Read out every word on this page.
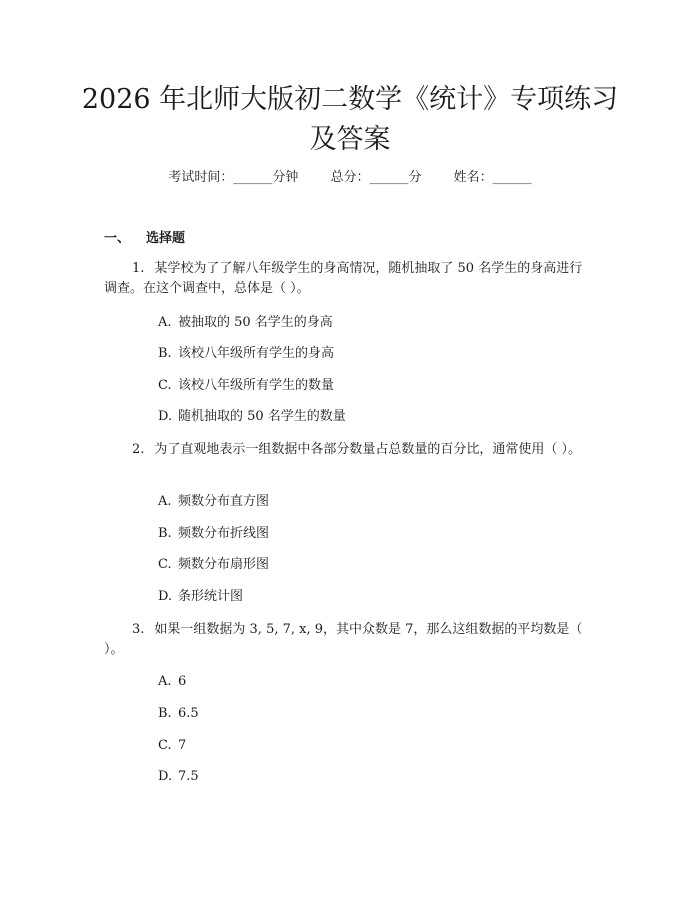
2026 年北师大版初二数学《统计》专项练习及答案
考试时间：______分钟 总分：______分 姓名：______
一、 选择题
1. 某学校为了了解八年级学生的身高情况，随机抽取了 50 名学生的身高进行调查。在这个调查中，总体是（ ）。
A. 被抽取的 50 名学生的身高
B. 该校八年级所有学生的身高
C. 该校八年级所有学生的数量
D. 随机抽取的 50 名学生的数量
2. 为了直观地表示一组数据中各部分数量占总数量的百分比，通常使用（ ）。
A. 频数分布直方图
B. 频数分布折线图
C. 频数分布扇形图
D. 条形统计图
3. 如果一组数据为 3, 5, 7, x, 9，其中众数是 7，那么这组数据的平均数是（ ）。
A. 6
B. 6.5
C. 7
D. 7.5
